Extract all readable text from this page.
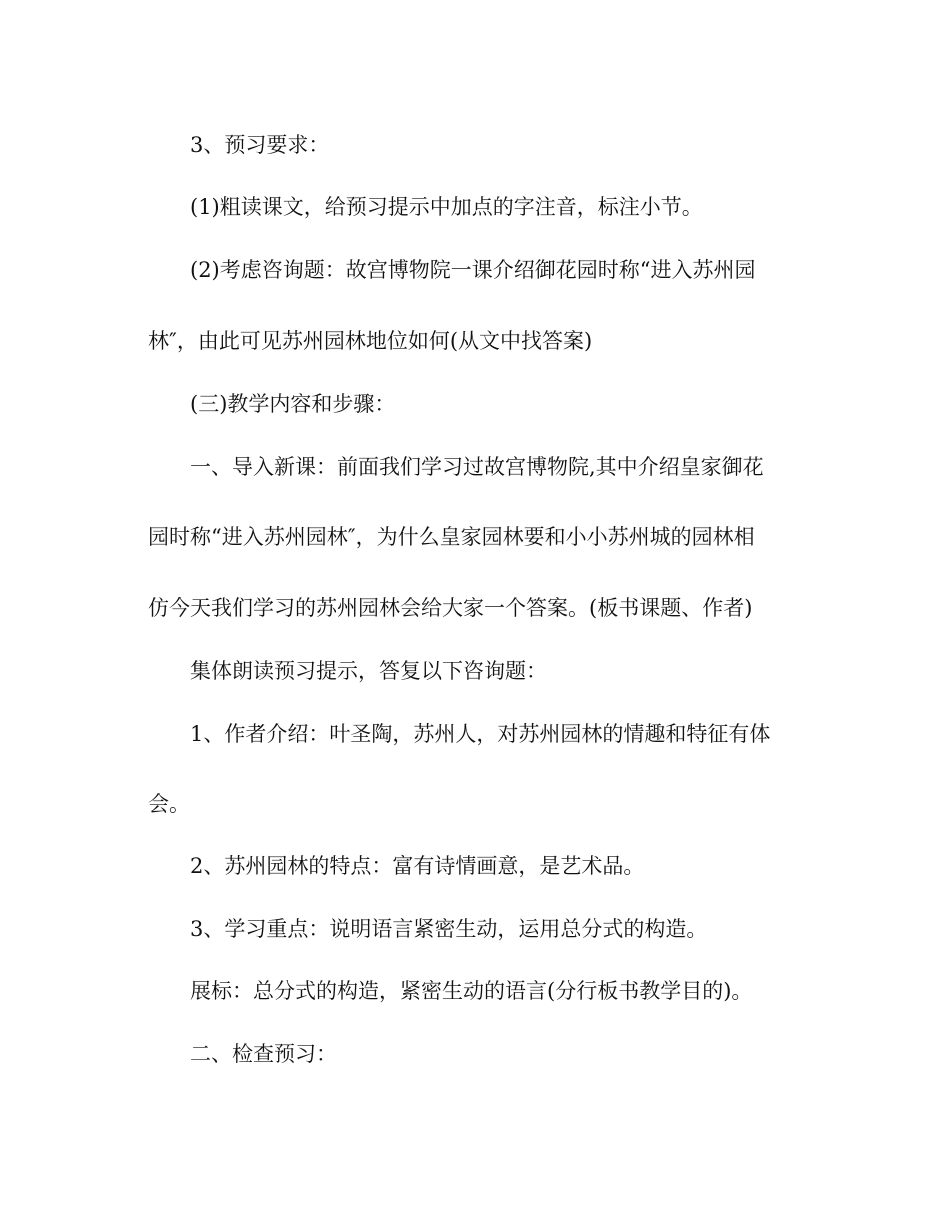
3、预习要求：
(1)粗读课文，给预习提示中加点的字注音，标注小节。
(2)考虑咨询题：故宫博物院一课介绍御花园时称“进入苏州园
林″，由此可见苏州园林地位如何(从文中找答案)
(三)教学内容和步骤：
一、导入新课：前面我们学习过故宫博物院,其中介绍皇家御花
园时称“进入苏州园林″，为什么皇家园林要和小小苏州城的园林相
仿今天我们学习的苏州园林会给大家一个答案。(板书课题、作者)
集体朗读预习提示，答复以下咨询题：
1、作者介绍：叶圣陶，苏州人，对苏州园林的情趣和特征有体
会。
2、苏州园林的特点：富有诗情画意，是艺术品。
3、学习重点：说明语言紧密生动，运用总分式的构造。
展标：总分式的构造，紧密生动的语言(分行板书教学目的)。
二、检查预习：
